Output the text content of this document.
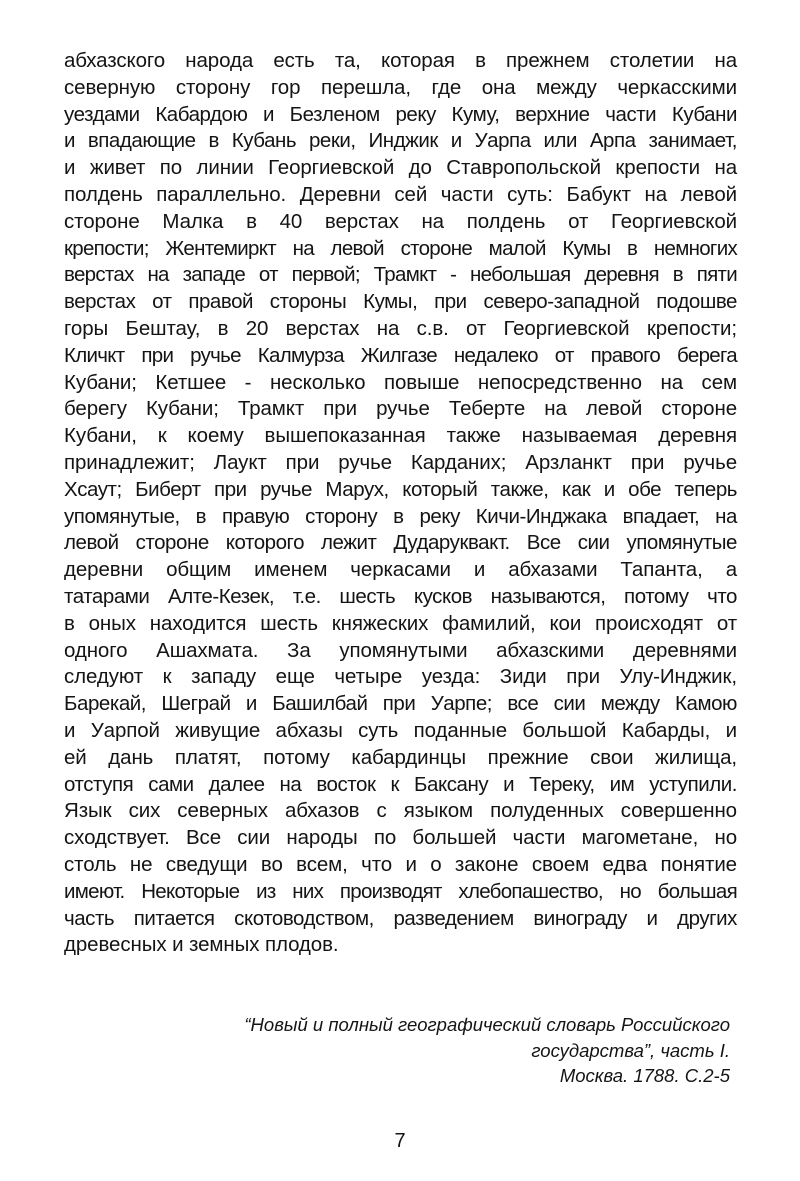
абхазского народа есть та, которая в прежнем столетии на
северную сторону гор перешла, где она между черкасскими
уездами Кабардою и Безленом реку Куму, верхние части Кубани
и впадающие в Кубань реки, Инджик и Уарпа или Арпа занимает,
и живет по линии Георгиевской до Ставропольской крепости на
полдень параллельно. Деревни сей части суть: Бабукт на левой
стороне Малка в 40 верстах на полдень от Георгиевской
крепости; Жентемиркт на левой стороне малой Кумы в немногих
верстах на западе от первой; Трамкт - небольшая деревня в пяти
верстах от правой стороны Кумы, при северо-западной подошве
горы Бештау, в 20 верстах на с.в. от Георгиевской крепости;
Кличкт при ручье Калмурза Жилгазе недалеко от правого берега
Кубани; Кетшее - несколько повыше непосредственно на сем
берегу Кубани; Трамкт при ручье Теберте на левой стороне
Кубани, к коему вышепоказанная также называемая деревня
принадлежит; Лаукт при ручье Карданих; Арзланкт при ручье
Хсаут; Биберт при ручье Марух, который также, как и обе теперь
упомянутые, в правую сторону в реку Кичи-Инджака впадает, на
левой стороне которого лежит Дударуквакт. Все сии упомянутые
деревни общим именем черкасами и абхазами Тапанта, а
татарами Алте-Кезек, т.е. шесть кусков называются, потому что
в оных находится шесть княжеских фамилий, кои происходят от
одного Ашахмата. За упомянутыми абхазскими деревнями
следуют к западу еще четыре уезда: Зиди при Улу-Инджик,
Барекай, Шеграй и Башилбай при Уарпе; все сии между Камою
и Уарпой живущие абхазы суть поданные большой Кабарды, и
ей дань платят, потому кабардинцы прежние свои жилища,
отступя сами далее на восток к Баксану и Тереку, им уступили.
Язык сих северных абхазов с языком полуденных совершенно
сходствует. Все сии народы по большей части магометане, но
столь не сведущи во всем, что и о законе своем едва понятие
имеют. Некоторые из них производят хлебопашество, но большая
часть питается скотоводством, разведением винограду и других
древесных и земных плодов.
“Новый и полный географический словарь Российского
государства”, часть I.
Москва. 1788. С.2-5
7
